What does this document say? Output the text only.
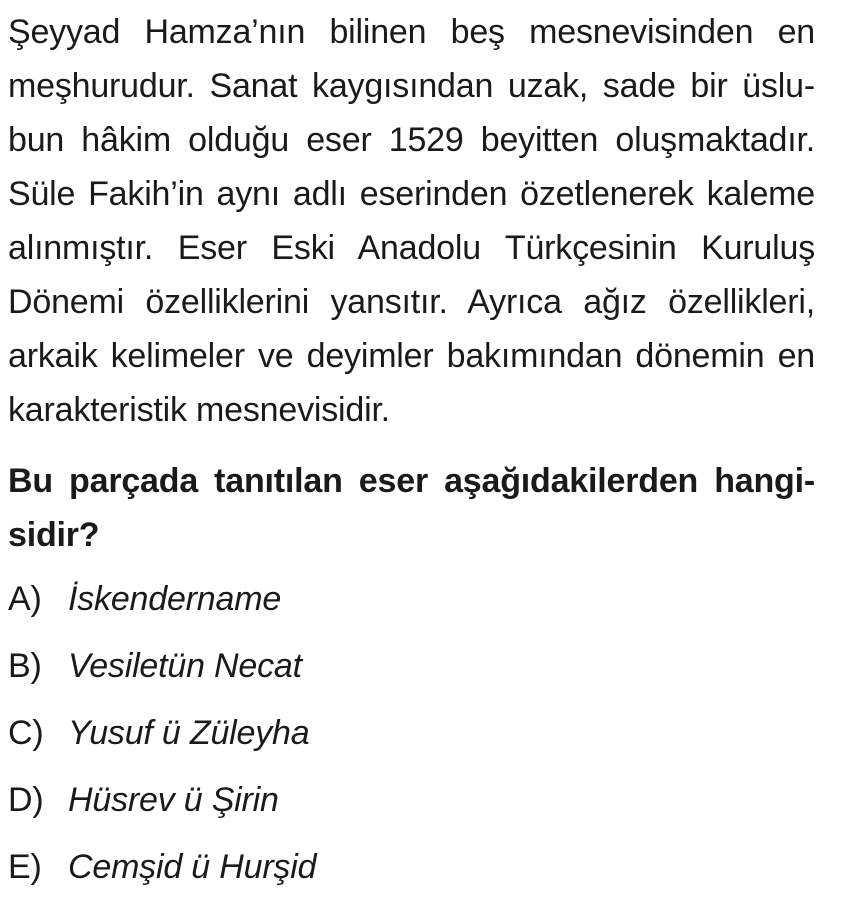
Şeyyad Hamza’nın bilinen beş mesnevisinden en
meşhurudur. Sanat kaygısından uzak, sade bir üslu-
bun hâkim olduğu eser 1529 beyitten oluşmaktadır.
Süle Fakih’in aynı adlı eserinden özetlenerek kaleme
alınmıştır. Eser Eski Anadolu Türkçesinin Kuruluş
Dönemi özelliklerini yansıtır. Ayrıca ağız özellikleri,
arkaik kelimeler ve deyimler bakımından dönemin en
karakteristik mesnevisidir.
Bu parçada tanıtılan eser aşağıdakilerden hangi-
sidir?
A) İskendername
B) Vesiletün Necat
C) Yusuf ü Züleyha
D) Hüsrev ü Şirin
E) Cemşid ü Hurşid
